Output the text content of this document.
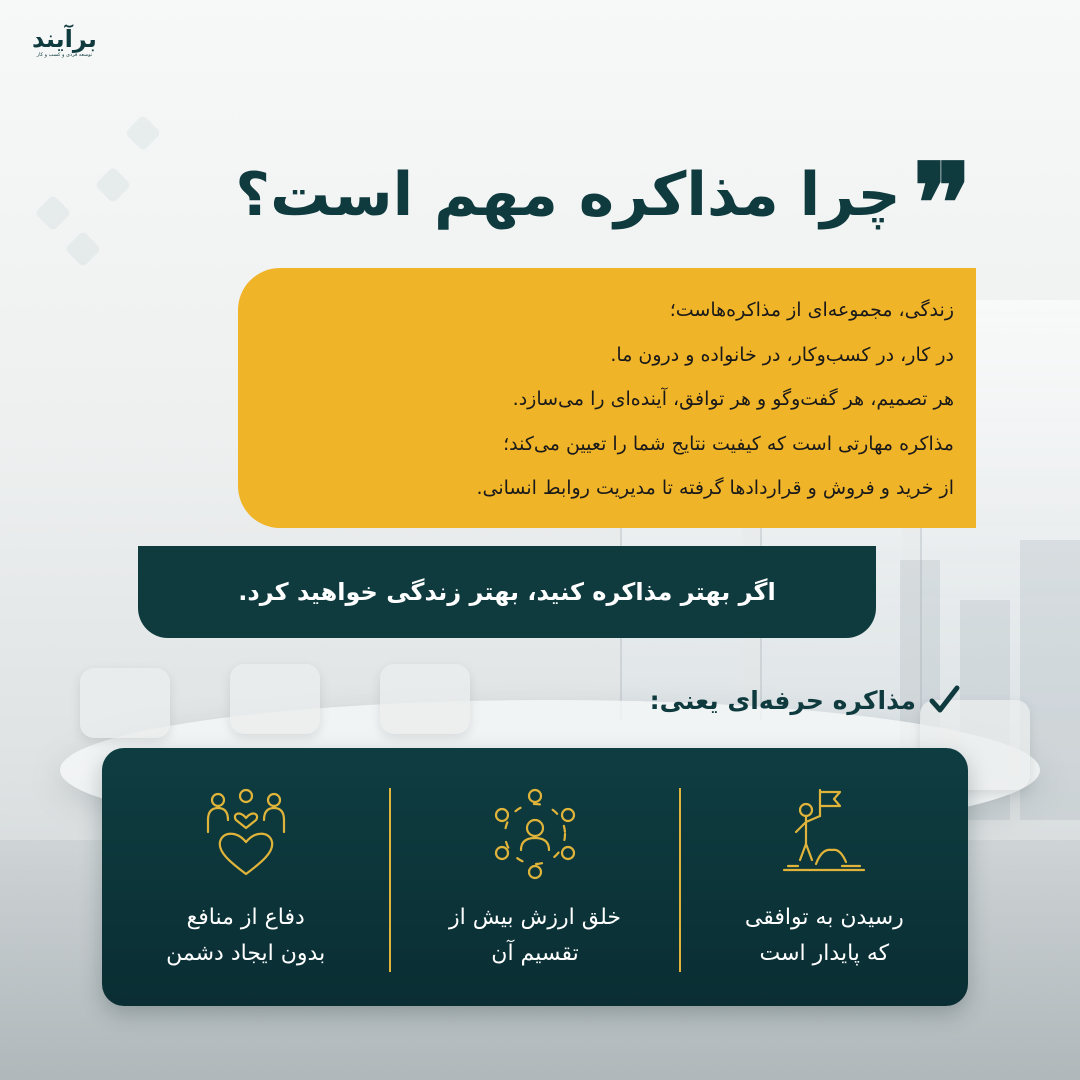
برآیند
توسعه فردی و کسب و کار
❞
چرا مذاکره مهم است؟
زندگی، مجموعه‌ای از مذاکره‌هاست؛
در کار، در کسب‌و‌کار، در خانواده و درون ما.
هر تصمیم، هر گفت‌و‌گو و هر توافق، آینده‌ای را می‌سازد.
مذاکره مهارتی است که کیفیت نتایج شما را تعیین می‌کند؛
از خرید و فروش و قراردادها گرفته تا مدیریت روابط انسانی.
اگر بهتر مذاکره کنید، بهتر زندگی خواهید کرد.
مذاکره حرفه‌ای یعنی:
رسیدن به توافقی
که پایدار است
خلق ارزش بیش از
تقسیم آن
دفاع از منافع
بدون ایجاد دشمن
